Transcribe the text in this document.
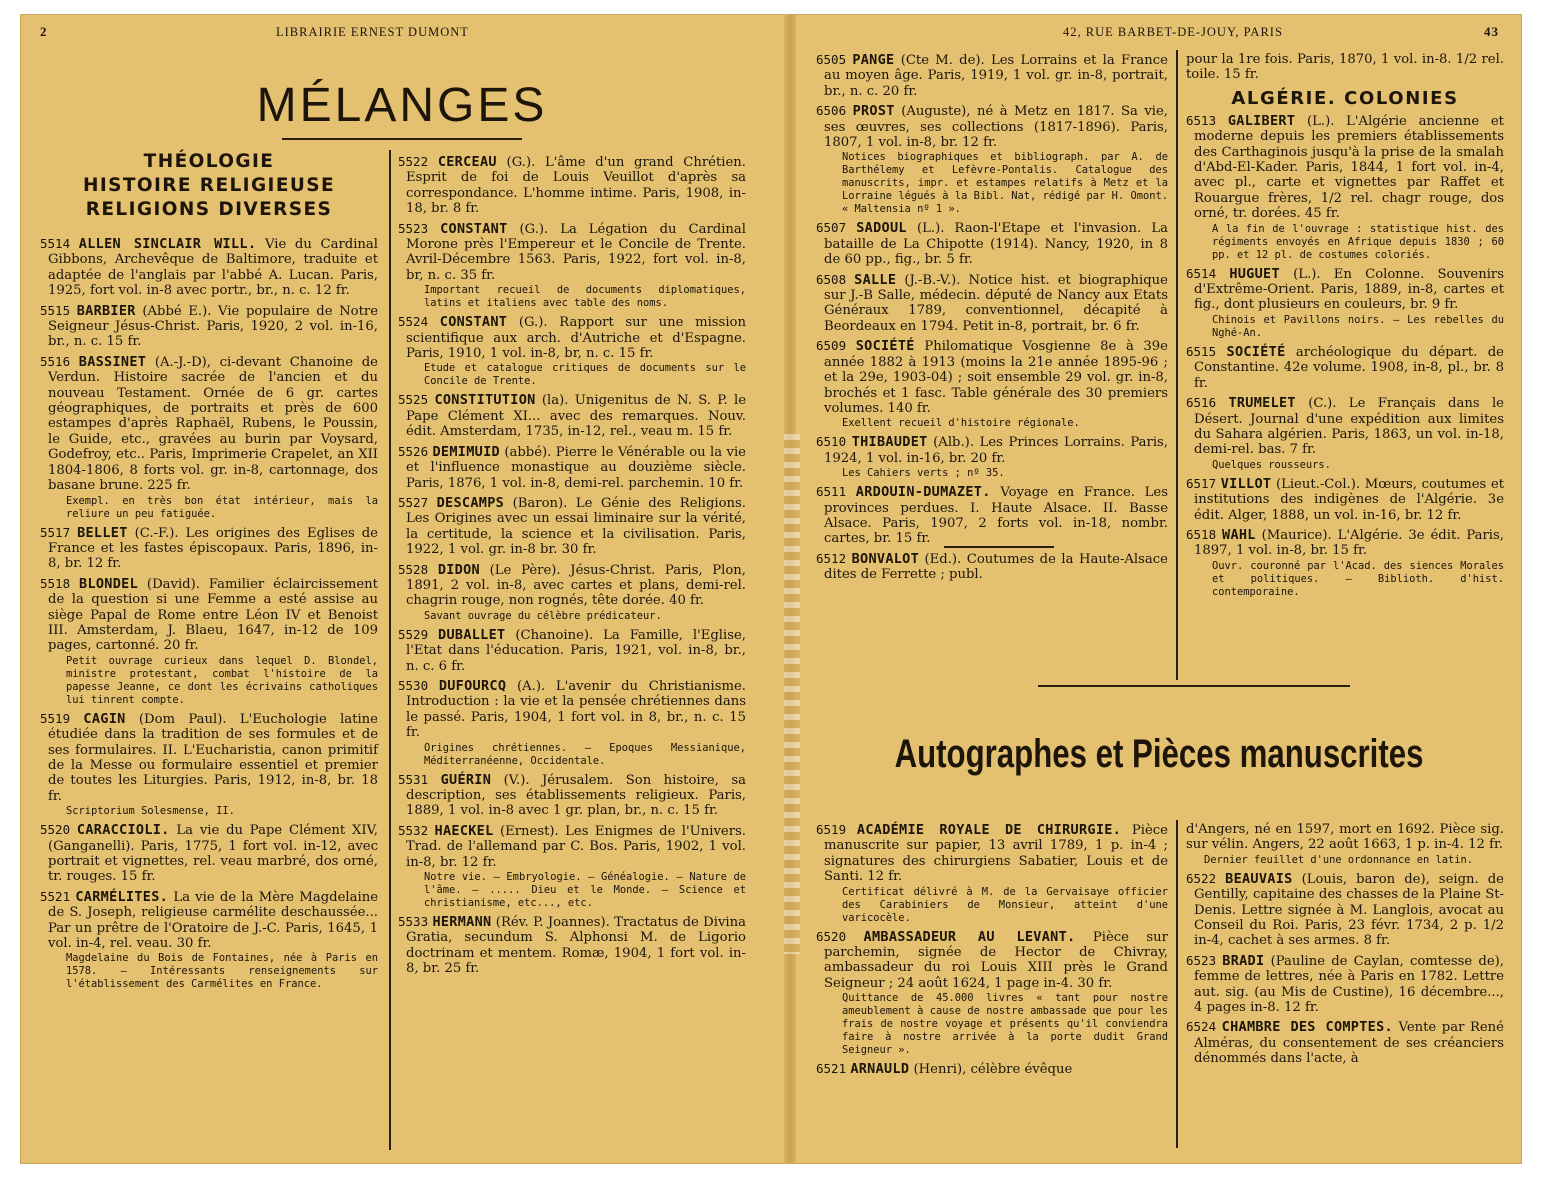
2	LIBRAIRIE ERNEST DUMONT
MÉLANGES
THÉOLOGIE
HISTOIRE RELIGIEUSE
RELIGIONS DIVERSES
5514 ALLEN SINCLAIR WILL. Vie du Cardinal Gibbons, Archevêque de Baltimore, traduite et adaptée de l'anglais par l'abbé A. Lucan. Paris, 1925, fort vol. in-8 avec portr., br., n. c. 12 fr.
5515 BARBIER (Abbé E.). Vie populaire de Notre Seigneur Jésus-Christ. Paris, 1920, 2 vol. in-16, br., n. c. 15 fr.
5516 BASSINET (A.-J.-D), ci-devant Chanoine de Verdun. Histoire sacrée de l'ancien et du nouveau Testament. Ornée de 6 gr. cartes géographiques, de portraits et près de 600 estampes d'après Raphaël, Rubens, le Poussin, le Guide, etc., gravées au burin par Voysard, Godefroy, etc.. Paris, Imprimerie Crapelet, an XII 1804-1806, 8 forts vol. gr. in-8, cartonnage, dos basane brune. 225 fr.
Exempl. en très bon état intérieur, mais la reliure un peu fatiguée.
5517 BELLET (C.-F.). Les origines des Eglises de France et les fastes épiscopaux. Paris, 1896, in-8, br. 12 fr.
5518 BLONDEL (David). Familier éclaircissement de la question si une Femme a esté assise au siège Papal de Rome entre Léon IV et Benoist III. Amsterdam, J. Blaeu, 1647, in-12 de 109 pages, cartonné. 20 fr.
Petit ouvrage curieux dans lequel D. Blondel, ministre protestant, combat l'histoire de la papesse Jeanne, ce dont les écrivains catholiques lui tinrent compte.
5519 CAGIN (Dom Paul). L'Euchologie latine étudiée dans la tradition de ses formules et de ses formulaires. II. L'Eucharistia, canon primitif de la Messe ou formulaire essentiel et premier de toutes les Liturgies. Paris, 1912, in-8, br. 18 fr.
Scriptorium Solesmense, II.
5520 CARACCIOLI. La vie du Pape Clément XIV, (Ganganelli). Paris, 1775, 1 fort vol. in-12, avec portrait et vignettes, rel. veau marbré, dos orné, tr. rouges. 15 fr.
5521 CARMÉLITES. La vie de la Mère Magdelaine de S. Joseph, religieuse carmélite deschaussée... Par un prêtre de l'Oratoire de J.-C. Paris, 1645, 1 vol. in-4, rel. veau. 30 fr.
Magdelaine du Bois de Fontaines, née à Paris en 1578. — Intéressants renseignements sur l'établissement des Carmélites en France.
5522 CERCEAU (G.). L'âme d'un grand Chrétien. Esprit de foi de Louis Veuillot d'après sa correspondance. L'homme intime. Paris, 1908, in-18, br. 8 fr.
5523 CONSTANT (G.). La Légation du Cardinal Morone près l'Empereur et le Concile de Trente. Avril-Décembre 1563. Paris, 1922, fort vol. in-8, br, n. c. 35 fr.
Important recueil de documents diplomatiques, latins et italiens avec table des noms.
5524 CONSTANT (G.). Rapport sur une mission scientifique aux arch. d'Autriche et d'Espagne. Paris, 1910, 1 vol. in-8, br, n. c. 15 fr.
Etude et catalogue critiques de documents sur le Concile de Trente.
5525 CONSTITUTION (la). Unigenitus de N. S. P. le Pape Clément XI... avec des remarques. Nouv. édit. Amsterdam, 1735, in-12, rel., veau m. 15 fr.
5526 DEMIMUID (abbé). Pierre le Vénérable ou la vie et l'influence monastique au douzième siècle. Paris, 1876, 1 vol. in-8, demi-rel. parchemin. 10 fr.
5527 DESCAMPS (Baron). Le Génie des Religions. Les Origines avec un essai liminaire sur la vérité, la certitude, la science et la civilisation. Paris, 1922, 1 vol. gr. in-8 br. 30 fr.
5528 DIDON (Le Père). Jésus-Christ. Paris, Plon, 1891, 2 vol. in-8, avec cartes et plans, demi-rel. chagrin rouge, non rognés, tête dorée. 40 fr.
Savant ouvrage du célèbre prédicateur.
5529 DUBALLET (Chanoine). La Famille, l'Eglise, l'Etat dans l'éducation. Paris, 1921, vol. in-8, br., n. c. 6 fr.
5530 DUFOURCQ (A.). L'avenir du Christianisme. Introduction : la vie et la pensée chrétiennes dans le passé. Paris, 1904, 1 fort vol. in 8, br., n. c. 15 fr.
Origines chrétiennes. — Epoques Messianique, Méditerranéenne, Occidentale.
5531 GUÉRIN (V.). Jérusalem. Son histoire, sa description, ses établissements religieux. Paris, 1889, 1 vol. in-8 avec 1 gr. plan, br., n. c. 15 fr.
5532 HAECKEL (Ernest). Les Enigmes de l'Univers. Trad. de l'allemand par C. Bos. Paris, 1902, 1 vol. in-8, br. 12 fr.
Notre vie. — Embryologie. — Généalogie. — Nature de l'âme. — ..... Dieu et le Monde. — Science et christianisme, etc..., etc.
5533 HERMANN (Rév. P. Joannes). Tractatus de Divina Gratia, secundum S. Alphonsi M. de Ligorio doctrinam et mentem. Romæ, 1904, 1 fort vol. in-8, br. 25 fr.
42, RUE BARBET-DE-JOUY, PARIS	43
6505 PANGE (Cte M. de). Les Lorrains et la France au moyen âge. Paris, 1919, 1 vol. gr. in-8, portrait, br., n. c. 20 fr.
6506 PROST (Auguste), né à Metz en 1817. Sa vie, ses œuvres, ses collections (1817-1896). Paris, 1807, 1 vol. in-8, br. 12 fr.
Notices biographiques et bibliograph. par A. de Barthélemy et Lefèvre-Pontalis. Catalogue des manuscrits, impr. et estampes relatifs à Metz et la Lorraine légués à la Bibl. Nat, rédigé par H. Omont. « Maltensia nº 1 ».
6507 SADOUL (L.). Raon-l'Etape et l'invasion. La bataille de La Chipotte (1914). Nancy, 1920, in 8 de 60 pp., fig., br. 5 fr.
6508 SALLE (J.-B.-V.). Notice hist. et biographique sur J.-B Salle, médecin. député de Nancy aux Etats Généraux 1789, conventionnel, décapité à Beordeaux en 1794. Petit in-8, portrait, br. 6 fr.
6509 SOCIÉTÉ Philomatique Vosgienne 8e à 39e année 1882 à 1913 (moins la 21e année 1895-96 ; et la 29e, 1903-04) ; soit ensemble 29 vol. gr. in-8, brochés et 1 fasc. Table générale des 30 premiers volumes. 140 fr.
Exellent recueil d'histoire régionale.
6510 THIBAUDET (Alb.). Les Princes Lorrains. Paris, 1924, 1 vol. in-16, br. 20 fr.
Les Cahiers verts ; nº 35.
6511 ARDOUIN-DUMAZET. Voyage en France. Les provinces perdues. I. Haute Alsace. II. Basse Alsace. Paris, 1907, 2 forts vol. in-18, nombr. cartes, br. 15 fr.
6512 BONVALOT (Ed.). Coutumes de la Haute-Alsace dites de Ferrette ; publ.
pour la 1re fois. Paris, 1870, 1 vol. in-8. 1/2 rel. toile. 15 fr.
ALGÉRIE. COLONIES
6513 GALIBERT (L.). L'Algérie ancienne et moderne depuis les premiers établissements des Carthaginois jusqu'à la prise de la smalah d'Abd-El-Kader. Paris, 1844, 1 fort vol. in-4, avec pl., carte et vignettes par Raffet et Rouargue frères, 1/2 rel. chagr rouge, dos orné, tr. dorées. 45 fr.
A la fin de l'ouvrage : statistique hist. des régiments envoyés en Afrique depuis 1830 ; 60 pp. et 12 pl. de costumes coloriés.
6514 HUGUET (L.). En Colonne. Souvenirs d'Extrême-Orient. Paris, 1889, in-8, cartes et fig., dont plusieurs en couleurs, br. 9 fr.
Chinois et Pavillons noirs. — Les rebelles du Nghé-An.
6515 SOCIÉTÉ archéologique du départ. de Constantine. 42e volume. 1908, in-8, pl., br. 8 fr.
6516 TRUMELET (C.). Le Français dans le Désert. Journal d'une expédition aux limites du Sahara algérien. Paris, 1863, un vol. in-18, demi-rel. bas. 7 fr.
Quelques rousseurs.
6517 VILLOT (Lieut.-Col.). Mœurs, coutumes et institutions des indigènes de l'Algérie. 3e édit. Alger, 1888, un vol. in-16, br. 12 fr.
6518 WAHL (Maurice). L'Algérie. 3e édit. Paris, 1897, 1 vol. in-8, br. 15 fr.
Ouvr. couronné par l'Acad. des siences Morales et politiques. — Biblioth. d'hist. contemporaine.
Autographes et Pièces manuscrites
6519 ACADÉMIE ROYALE DE CHIRURGIE. Pièce manuscrite sur papier, 13 avril 1789, 1 p. in-4 ; signatures des chirurgiens Sabatier, Louis et de Santi. 12 fr.
Certificat délivré à M. de la Gervaisaye officier des Carabiniers de Monsieur, atteint d'une varicocèle.
6520 AMBASSADEUR AU LEVANT. Pièce sur parchemin, signée de Hector de Chivray, ambassadeur du roi Louis XIII près le Grand Seigneur ; 24 août 1624, 1 page in-4. 30 fr.
Quittance de 45.000 livres « tant pour nostre ameublement à cause de nostre ambassade que pour les frais de nostre voyage et présents qu'il conviendra faire à nostre arrivée à la porte dudit Grand Seigneur ».
6521 ARNAULD (Henri), célèbre évêque
d'Angers, né en 1597, mort en 1692. Pièce sig. sur vélin. Angers, 22 août 1663, 1 p. in-4. 12 fr.
Dernier feuillet d'une ordonnance en latin.
6522 BEAUVAIS (Louis, baron de), seign. de Gentilly, capitaine des chasses de la Plaine St-Denis. Lettre signée à M. Langlois, avocat au Conseil du Roi. Paris, 23 févr. 1734, 2 p. 1/2 in-4, cachet à ses armes. 8 fr.
6523 BRADI (Pauline de Caylan, comtesse de), femme de lettres, née à Paris en 1782. Lettre aut. sig. (au Mis de Custine), 16 décembre..., 4 pages in-8. 12 fr.
6524 CHAMBRE DES COMPTES. Vente par René Alméras, du consentement de ses créanciers dénommés dans l'acte, à
